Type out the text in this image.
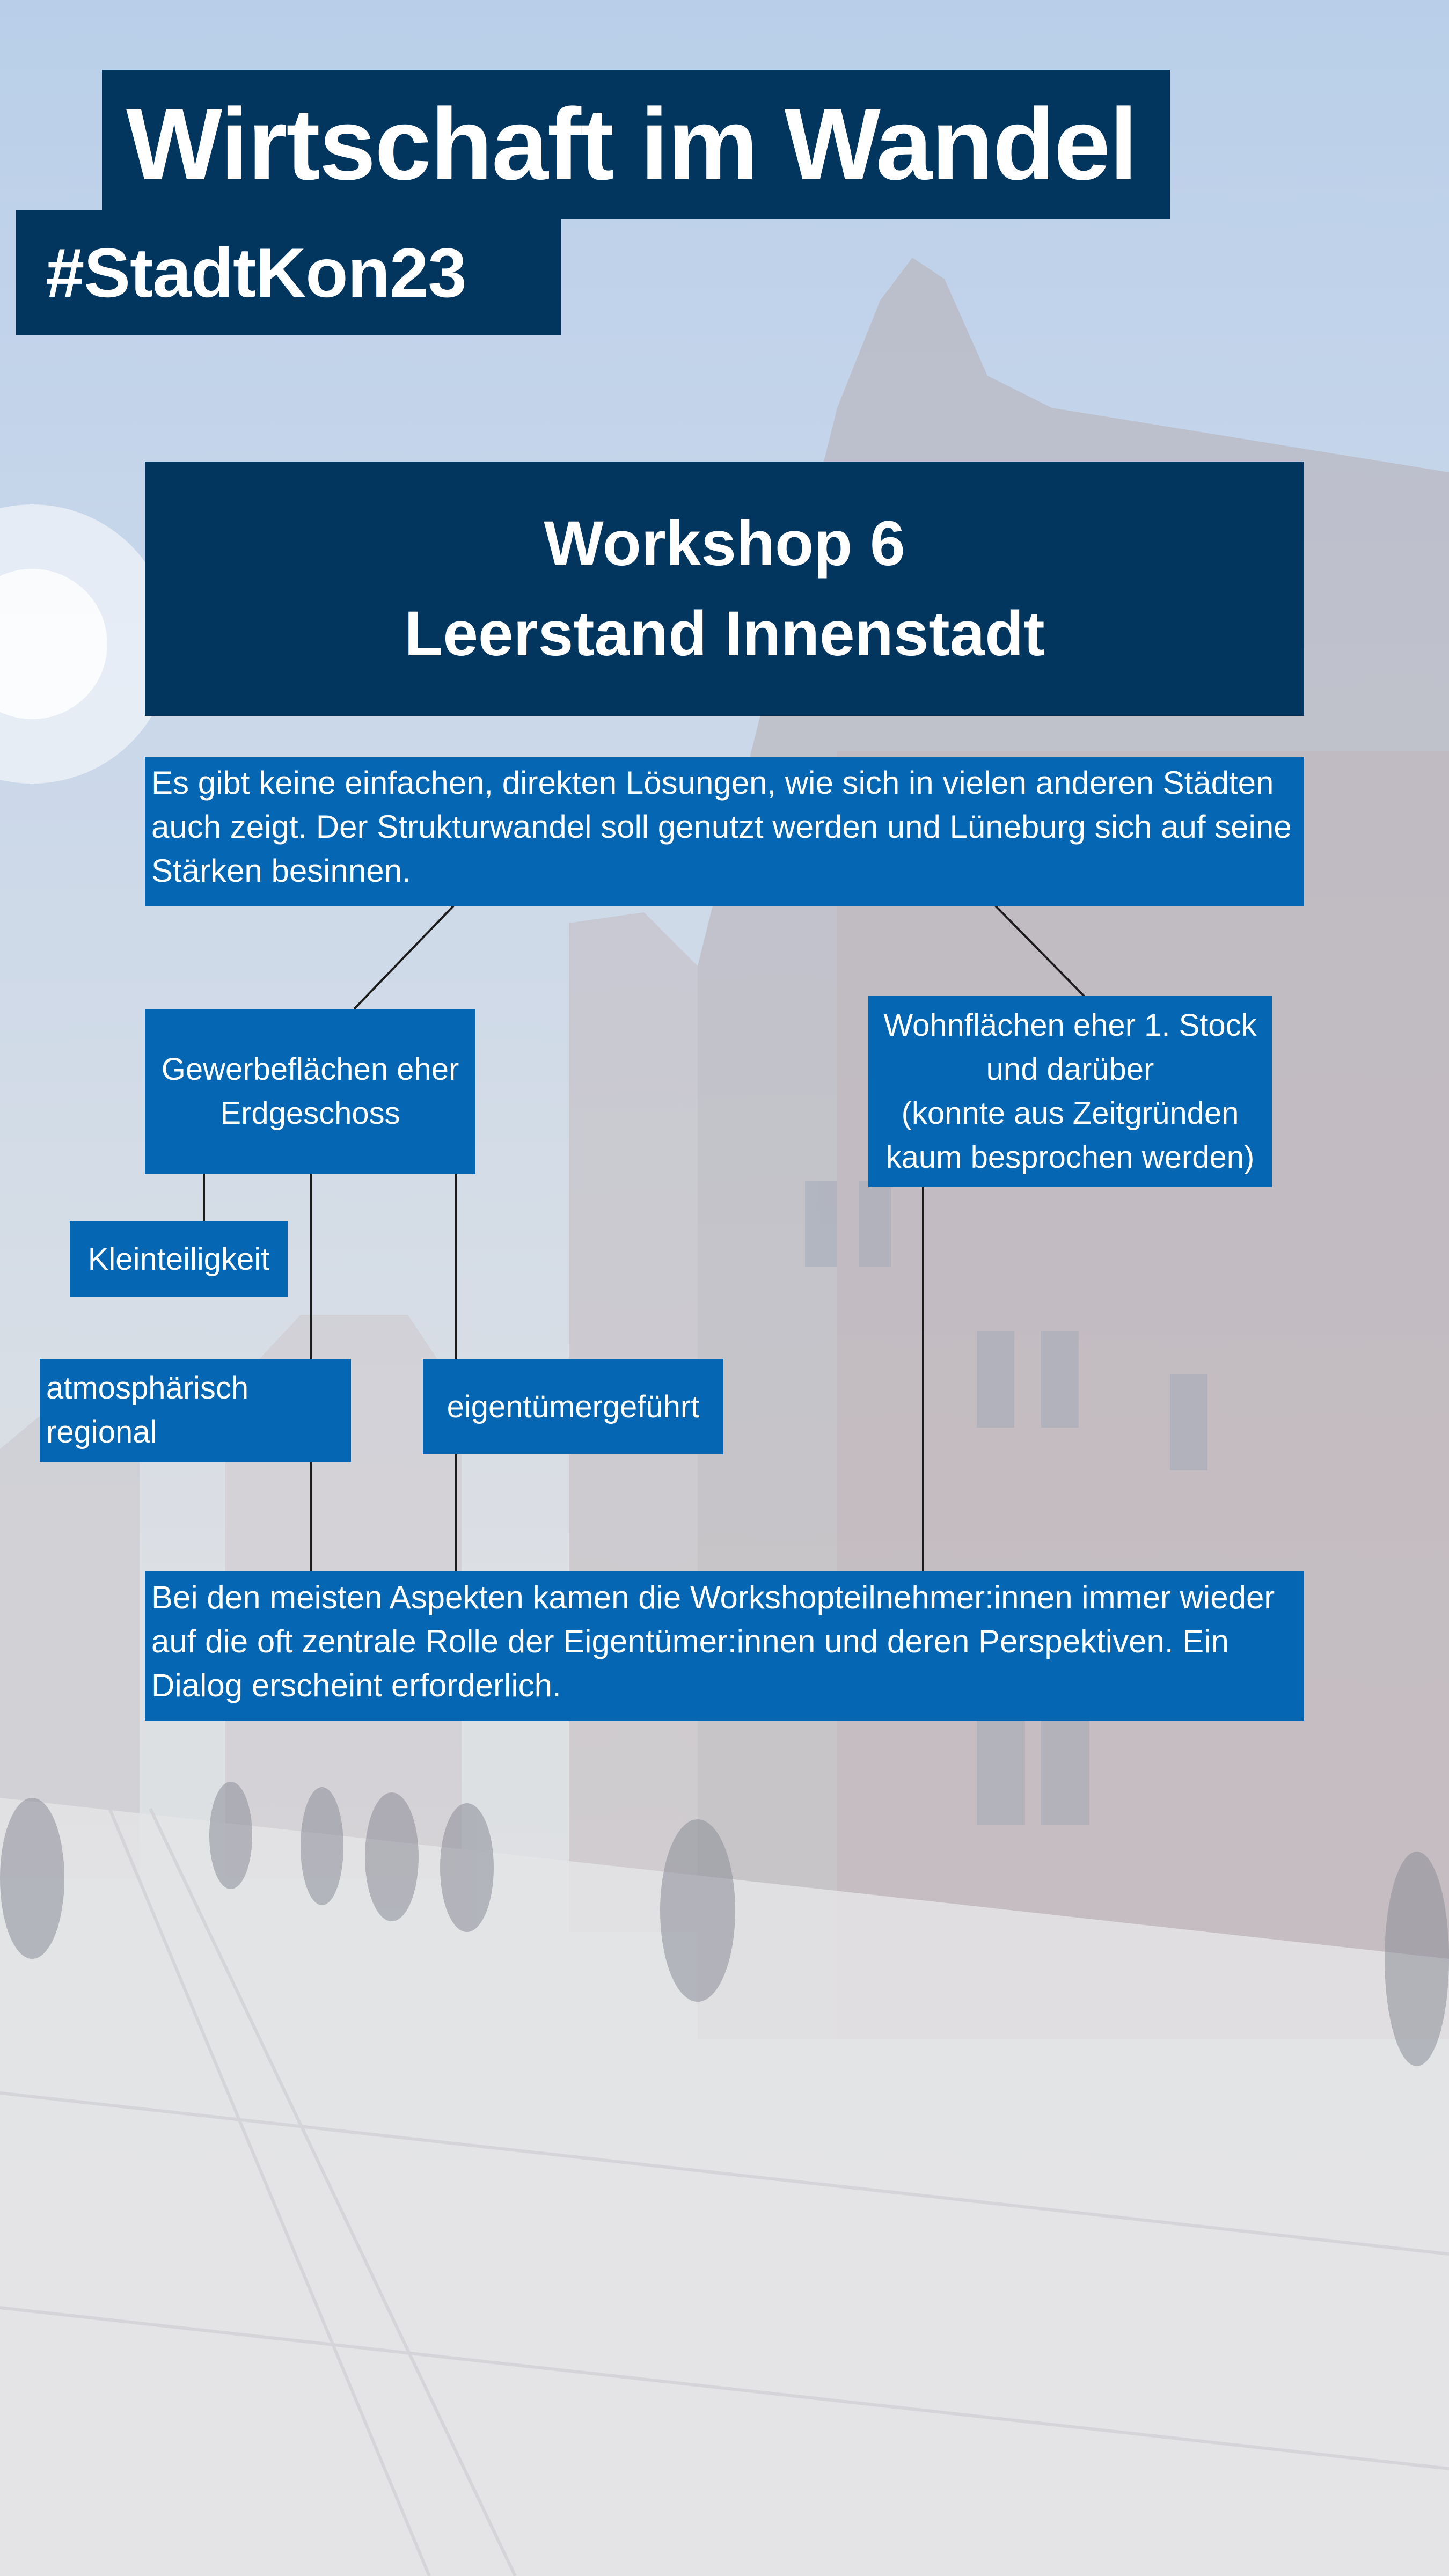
Wirtschaft im Wandel
#StadtKon23
Workshop 6
Leerstand Innenstadt
Es gibt keine einfachen, direkten Lösungen, wie sich in vielen anderen Städten auch zeigt. Der Strukturwandel soll genutzt werden und Lüneburg sich auf seine Stärken besinnen.
Gewerbeflächen eher Erdgeschoss
Wohnflächen eher 1. Stock
und darüber
(konnte aus Zeitgründen
kaum besprochen werden)
Kleinteiligkeit
atmosphärisch regional
eigentümergeführt
Bei den meisten Aspekten kamen die Workshopteilnehmer:innen immer wieder auf die oft zentrale Rolle der Eigentümer:innen und deren Perspektiven. Ein Dialog erscheint erforderlich.
